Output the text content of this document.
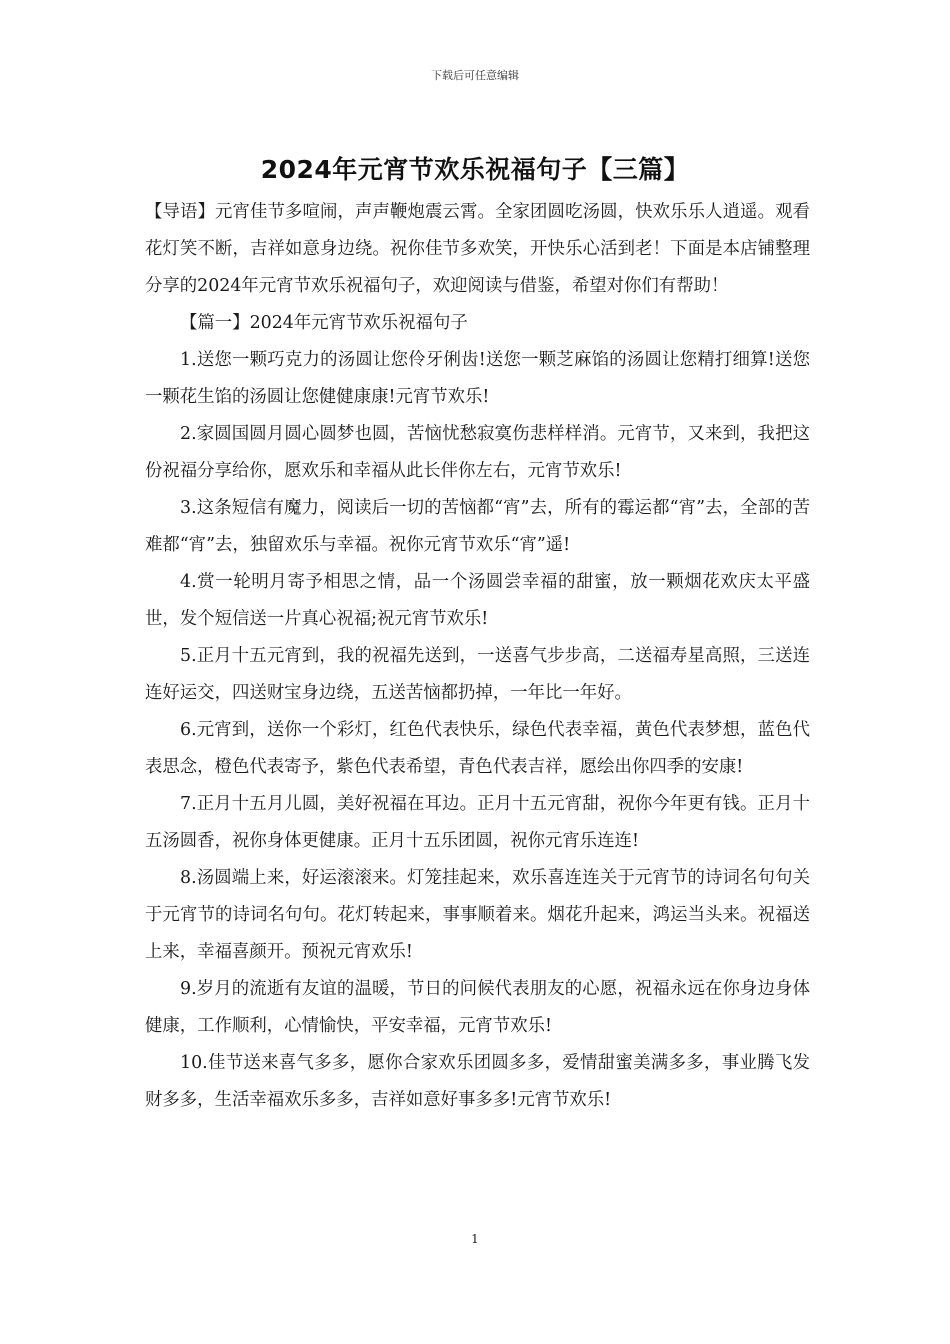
下载后可任意编辑
2024年元宵节欢乐祝福句子【三篇】

【导语】元宵佳节多喧闹，声声鞭炮震云霄。全家团圆吃汤圆，快欢乐乐人逍遥。观看花灯笑不断，吉祥如意身边绕。祝你佳节多欢笑，开快乐心活到老！下面是本店铺整理分享的2024年元宵节欢乐祝福句子，欢迎阅读与借鉴，希望对你们有帮助！

【篇一】2024年元宵节欢乐祝福句子

1.送您一颗巧克力的汤圆让您伶牙俐齿!送您一颗芝麻馅的汤圆让您精打细算!送您一颗花生馅的汤圆让您健健康康!元宵节欢乐!

2.家圆国圆月圆心圆梦也圆，苦恼忧愁寂寞伤悲样样消。元宵节，又来到，我把这份祝福分享给你，愿欢乐和幸福从此长伴你左右，元宵节欢乐!

3.这条短信有魔力，阅读后一切的苦恼都“宵”去，所有的霉运都“宵”去，全部的苦难都“宵”去，独留欢乐与幸福。祝你元宵节欢乐“宵”遥!

4.赏一轮明月寄予相思之情，品一个汤圆尝幸福的甜蜜，放一颗烟花欢庆太平盛世，发个短信送一片真心祝福;祝元宵节欢乐!

5.正月十五元宵到，我的祝福先送到，一送喜气步步高，二送福寿星高照，三送连连好运交，四送财宝身边绕，五送苦恼都扔掉，一年比一年好。

6.元宵到，送你一个彩灯，红色代表快乐，绿色代表幸福，黄色代表梦想，蓝色代表思念，橙色代表寄予，紫色代表希望，青色代表吉祥，愿绘出你四季的安康!

7.正月十五月儿圆，美好祝福在耳边。正月十五元宵甜，祝你今年更有钱。正月十五汤圆香，祝你身体更健康。正月十五乐团圆，祝你元宵乐连连!

8.汤圆端上来，好运滚滚来。灯笼挂起来，欢乐喜连连关于元宵节的诗词名句句关于元宵节的诗词名句句。花灯转起来，事事顺着来。烟花升起来，鸿运当头来。祝福送上来，幸福喜颜开。预祝元宵欢乐!

9.岁月的流逝有友谊的温暖，节日的问候代表朋友的心愿，祝福永远在你身边身体健康，工作顺利，心情愉快，平安幸福，元宵节欢乐!

10.佳节送来喜气多多，愿你合家欢乐团圆多多，爱情甜蜜美满多多，事业腾飞发财多多，生活幸福欢乐多多，吉祥如意好事多多!元宵节欢乐!

1
